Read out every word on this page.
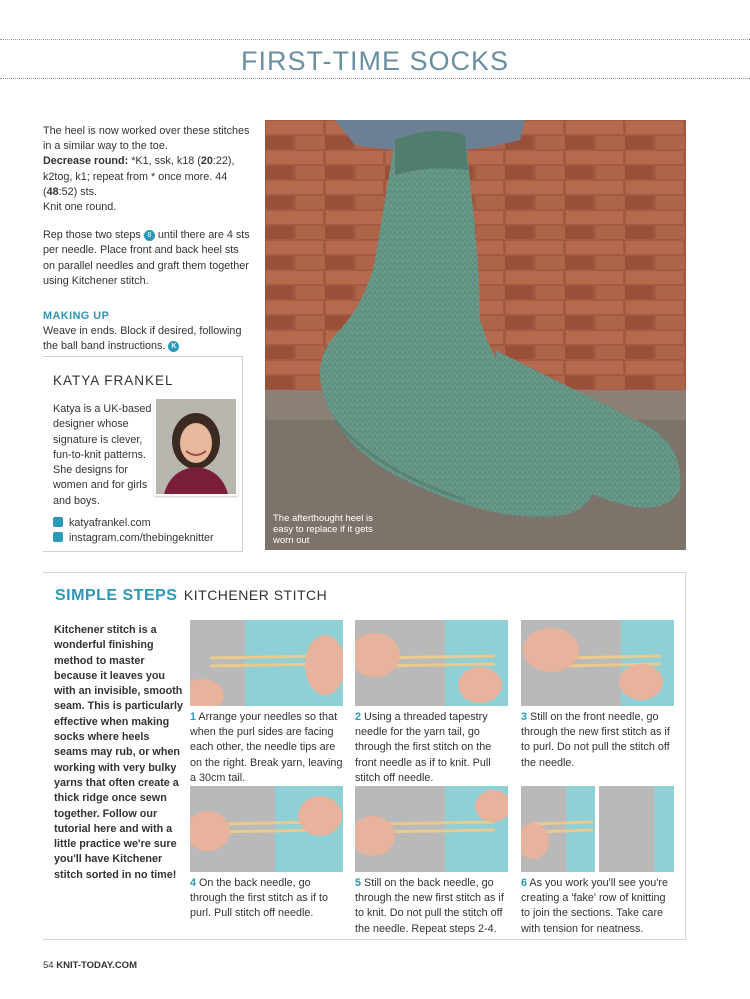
FIRST-TIME SOCKS

The heel is now worked over these stitches in a similar way to the toe.
Decrease round: *K1, ssk, k18 (20:22), k2tog, k1; repeat from * once more. 44 (48:52) sts.
Knit one round.

Rep those two steps 8 until there are 4 sts per needle. Place front and back heel sts on parallel needles and graft them together using Kitchener stitch.

MAKING UP
Weave in ends. Block if desired, following the ball band instructions. K

The afterthought heel is easy to replace if it gets worn out
KATYA FRANKEL
Katya is a UK-based designer whose signature is clever, fun-to-knit patterns. She designs for women and for girls and boys.
katyafrankel.com
instagram.com/thebingeknitter
SIMPLE STEPS KITCHENER STITCH
Kitchener stitch is a wonderful finishing method to master because it leaves you with an invisible, smooth seam. This is particularly effective when making socks where heels seams may rub, or when working with very bulky yarns that often create a thick ridge once sewn together. Follow our tutorial here and with a little practice we're sure you'll have Kitchener stitch sorted in no time!
1 Arrange your needles so that when the purl sides are facing each other, the needle tips are on the right. Break yarn, leaving a 30cm tail.
2 Using a threaded tapestry needle for the yarn tail, go through the first stitch on the front needle as if to knit. Pull stitch off needle.
3 Still on the front needle, go through the new first stitch as if to purl. Do not pull the stitch off the needle.
4 On the back needle, go through the first stitch as if to purl. Pull stitch off needle.
5 Still on the back needle, go through the new first stitch as if to knit. Do not pull the stitch off the needle. Repeat steps 2-4.
6 As you work you'll see you're creating a 'fake' row of knitting to join the sections. Take care with tension for neatness.
54 KNIT-TODAY.COM
